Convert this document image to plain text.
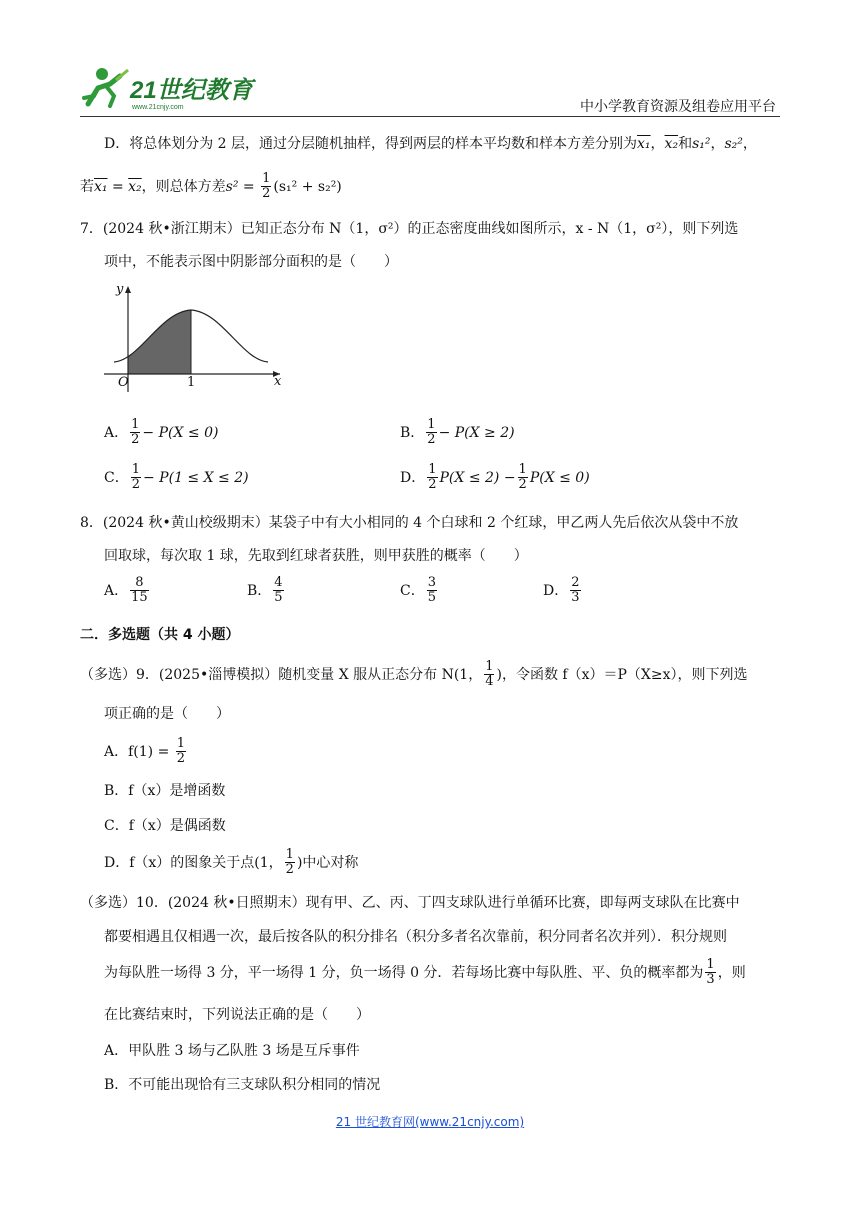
21世纪教育
www.21cnjy.com	中小学教育资源及组卷应用平台
D．将总体划分为 2 层，通过分层随机抽样，得到两层的样本平均数和样本方差分别为x₁，x₂和s₁²，s₂²，
若x₁ = x₂，则总体方差$s^2 = \frac{1}{2} (s_1^2 + s_2^2)$
7．(2024 秋•浙江期末）已知正态分布 N（1，σ²）的正态密度曲线如图所示，x - N（1，σ²），则下列选
项中，不能表示图中阴影部分面积的是（　　）
y
x
O	1
A． $\frac{1}{2} - P(X \le 0)$	B． $\frac{1}{2} - P(X \ge 2)$
C． $\frac{1}{2} - P(1 \le X \le 2)$	D． $\frac{1}{2} P(X \le 2) - \frac{1}{2} P(X \le 0)$
8．(2024 秋•黄山校级期末）某袋子中有大小相同的 4 个白球和 2 个红球，甲乙两人先后依次从袋中不放
回取球，每次取 1 球，先取到红球者获胜，则甲获胜的概率（　　）
A． $\frac{8}{15}$	B． $\frac{4}{5}$	C． $\frac{3}{5}$	D． $\frac{2}{3}$
二．多选题（共 4 小题）
（多选）9．(2025•淄博模拟）随机变量 X 服从正态分布 N(1， $\frac{1}{4}$ )，令函数 f（x）＝P（X≥x），则下列选
项正确的是（　　）
A．$f(1) = \frac{1}{2}$
B．f（x）是增函数
C．f（x）是偶函数
D．f（x）的图象关于点(1， $\frac{1}{2}$ )中心对称
（多选）10．(2024 秋•日照期末）现有甲、乙、丙、丁四支球队进行单循环比赛，即每两支球队在比赛中
都要相遇且仅相遇一次，最后按各队的积分排名（积分多者名次靠前，积分同者名次并列）．积分规则
为每队胜一场得 3 分，平一场得 1 分，负一场得 0 分．若每场比赛中每队胜、平、负的概率都为 $\frac{1}{3}$ ，则
在比赛结束时，下列说法正确的是（　　）
A．甲队胜 3 场与乙队胜 3 场是互斥事件
B．不可能出现恰有三支球队积分相同的情况
21 世纪教育网(www.21cnjy.com)
